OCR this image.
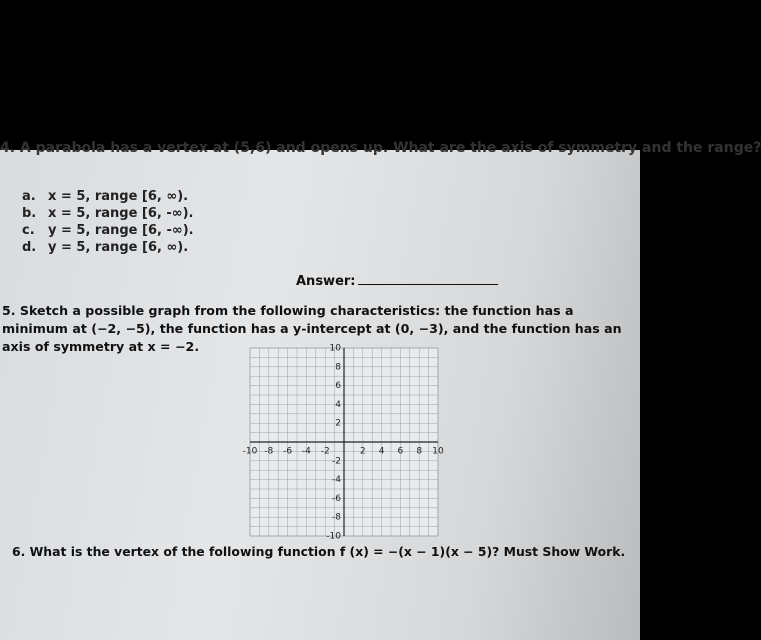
4. A parabola has a vertex at (5,6) and opens up. What are the axis of symmetry and the range?
a. x = 5, range [6, ∞).
b. x = 5, range [6, -∞).
c. y = 5, range [6, -∞).
d. y = 5, range [6, ∞).
Answer:
5. Sketch a possible graph from the following characteristics: the function has a minimum at (−2, −5), the function has a y-intercept at (0, −3), and the function has an axis of symmetry at x = −2.
-10 -8 -6 -4 -2	2 4 6 8 10
10
8
6
4
2
-2
-4
-6
-8
-10
6. What is the vertex of the following function f (x) = −(x − 1)(x − 5)? Must Show Work.
